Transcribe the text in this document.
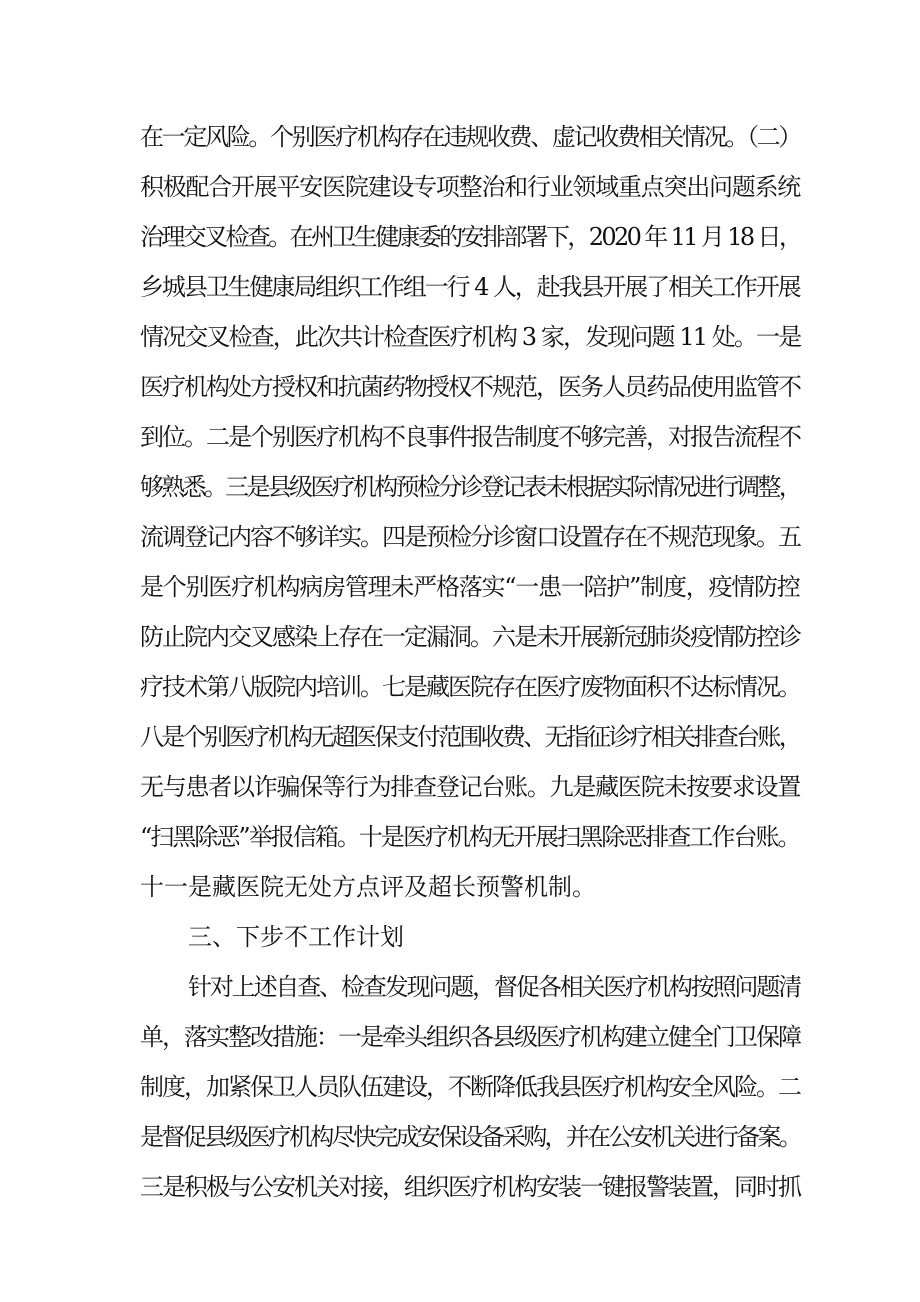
在一定风险。个别医疗机构存在违规收费、虚记收费相关情况。（二）
积极配合开展平安医院建设专项整治和行业领域重点突出问题系统
治理交叉检查。在州卫生健康委的安排部署下，2020 年 11 月 18 日，
乡城县卫生健康局组织工作组一行 4 人，赴我县开展了相关工作开展
情况交叉检查，此次共计检查医疗机构 3 家，发现问题 11 处。一是
医疗机构处方授权和抗菌药物授权不规范，医务人员药品使用监管不
到位。二是个别医疗机构不良事件报告制度不够完善，对报告流程不
够熟悉。三是县级医疗机构预检分诊登记表未根据实际情况进行调整，
流调登记内容不够详实。四是预检分诊窗口设置存在不规范现象。五
是个别医疗机构病房管理未严格落实“一患一陪护”制度，疫情防控
防止院内交叉感染上存在一定漏洞。六是未开展新冠肺炎疫情防控诊
疗技术第八版院内培训。七是藏医院存在医疗废物面积不达标情况。
八是个别医疗机构无超医保支付范围收费、无指征诊疗相关排查台账，
无与患者以诈骗保等行为排查登记台账。九是藏医院未按要求设置
“扫黑除恶”举报信箱。十是医疗机构无开展扫黑除恶排查工作台账。
十一是藏医院无处方点评及超长预警机制。
三、下步不工作计划
针对上述自查、检查发现问题，督促各相关医疗机构按照问题清
单，落实整改措施：一是牵头组织各县级医疗机构建立健全门卫保障
制度，加紧保卫人员队伍建设，不断降低我县医疗机构安全风险。二
是督促县级医疗机构尽快完成安保设备采购，并在公安机关进行备案。
三是积极与公安机关对接，组织医疗机构安装一键报警装置，同时抓
